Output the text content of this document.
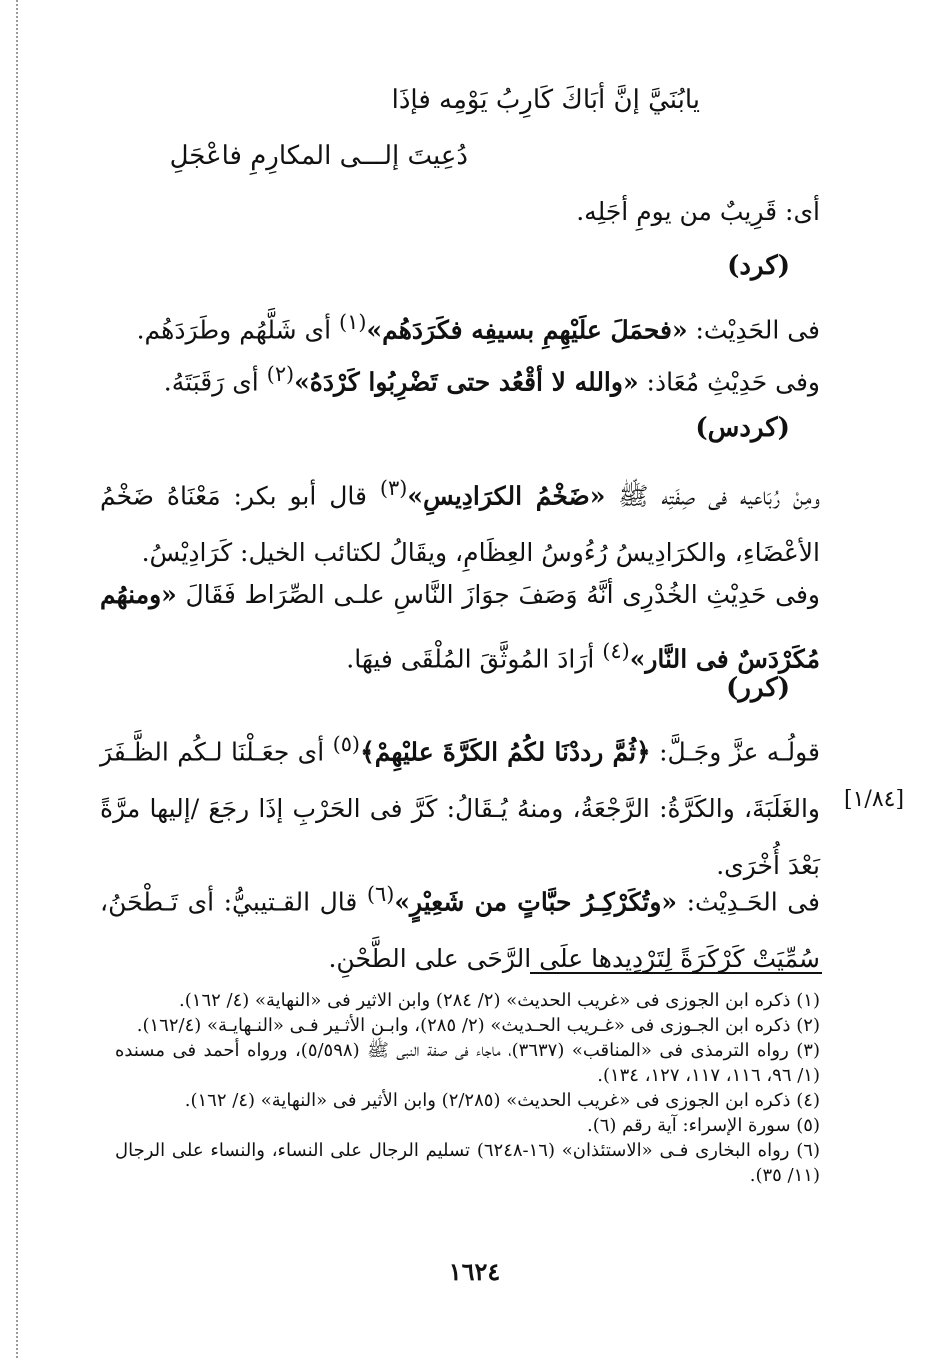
يابُنَيَّ إنَّ أبَاكَ كَارِبُ يَوْمِه فإذَا
دُعِيتَ إلـــى المكارِمِ فاعْجَلِ
أى: قَرِيبٌ من يومِ أجَلِه.
(كرد)
فى الحَدِيْث: «فحمَلَ علَيْهِمِ بسيفِه فكَرَدَهُم»$^{(١)}$ أى شَلَّهُم وطَرَدَهُم.
وفى حَدِيْثِ مُعَاذ: «والله لا أقْعُد حتى تَضْرِبُوا كَرْدَهُ»$^{(٢)}$ أى رَقَبَتَهُ.
(كردس)
ومِنْ رُبَاعيه فى صِفَتِه ﷺ «ضَخْمُ الكرَادِيسِ»$^{(٣)}$ قال أبو بكر: مَعْنَاهُ ضَخْمُ الأعْضَاءِ، والكرَادِيسُ رُءُوسُ العِظَامِ، ويقَالُ لكتائب الخيل: كَرَادِيْسُ.
وفى حَدِيْثِ الخُدْرِى أنَّهُ وَصَفَ جوَازَ النَّاسِ علـى الصِّرَاط فَقَالَ «ومنهُم مُكَرْدَسٌ فى النَّار»$^{(٤)}$ أرَادَ المُوثَّقَ المُلْقَى فيهَا.
(كرر)
قولُـه عزَّ وجَـلَّ: ﴿ثُمَّ رددْنَا لكُمُ الكَرَّةَ عليْهِمْ﴾$^{(٥)}$ أى جعَـلْنَا لـكُم الظَّـفَرَ والغَلَبَةَ، والكَرَّةُ: الرَّجْعَةُ، ومنهُ يُـقَالُ: كَرَّ فى الحَرْبِ إذَا رجَعَ /إليها مرَّةً بَعْدَ أُخْرَى.
فى الحَـدِيْث: «وتُكَرْكِـرُ حبَّاتٍ من شَعِيْرٍ»$^{(٦)}$ قال القـتيبيُّ: أى تَـطْحَنُ، سُمِّيَتْ كَرْكَرَةً لِتَرْدِيدها علَى الرَّحَى على الطَّحْنِ.
[١/٨٤]

(١) ذكره ابن الجوزى فى «غريب الحديث» (٢/ ٢٨٤) وابن الاثير فى «النهاية» (٤/ ١٦٢).

(٢) ذكره ابن الجـوزى فى «غـريب الحـديث» (٢/ ٢٨٥)، وابـن الأثـير فـى «النـهايـة» (١٦٢/٤).

(٣) رواه الترمذى فى «المناقب» (٣٦٣٧)، ماجاء فى صفة النبى ﷺ (٥/٥٩٨)، ورواه أحمد فى مسنده (١/ ٩٦، ١١٦، ١١٧، ١٢٧، ١٣٤).

(٤) ذكره ابن الجوزى فى «غريب الحديث» (٢/٢٨٥) وابن الأثير فى «النهاية» (٤/ ١٦٢).

(٥) سورة الإسراء: آية رقم (٦).

(٦) رواه البخارى فـى «الاستئذان» (١٦-٦٢٤٨) تسليم الرجال على النساء، والنساء على الرجال (١١/ ٣٥).

١٦٢٤
